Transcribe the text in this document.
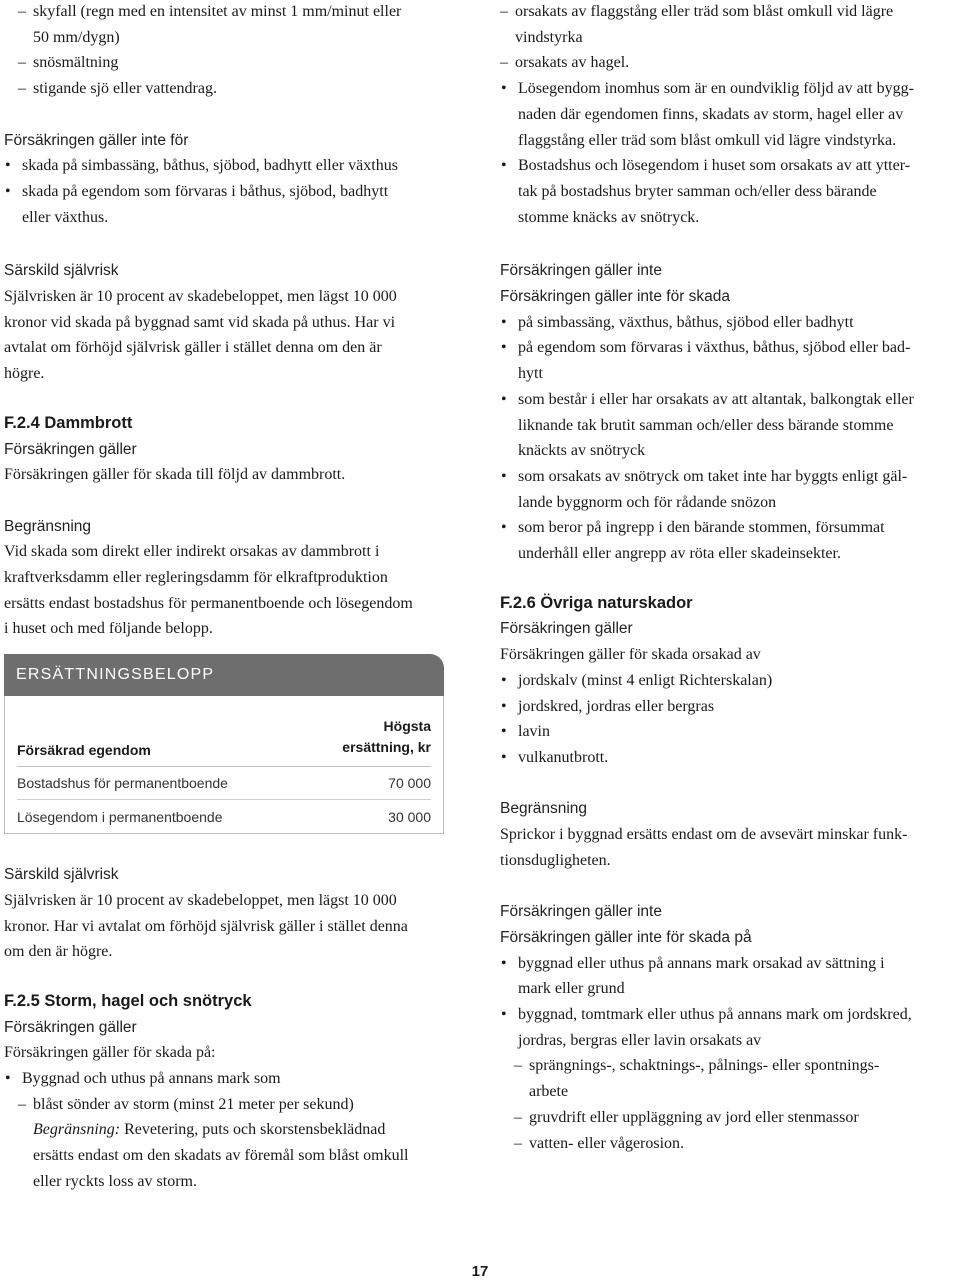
– skyfall (regn med en intensitet av minst 1 mm/minut eller
50 mm/dygn)
– snösmältning
– stigande sjö eller vattendrag.
Försäkringen gäller inte för
• skada på simbassäng, båthus, sjöbod, badhytt eller växthus
• skada på egendom som förvaras i båthus, sjöbod, badhytt
eller växthus.
Särskild självrisk
Självrisken är 10 procent av skadebeloppet, men lägst 10 000
kronor vid skada på byggnad samt vid skada på uthus. Har vi
avtalat om förhöjd självrisk gäller i stället denna om den är
högre.
F.2.4 Dammbrott
Försäkringen gäller
Försäkringen gäller för skada till följd av dammbrott.
Begränsning
Vid skada som direkt eller indirekt orsakas av dammbrott i
kraftverksdamm eller regleringsdamm för elkraftproduktion
ersätts endast bostadshus för permanentboende och lösegendom
i huset och med följande belopp.
ERSÄTTNINGSBELOPP
Försäkrad egendom
Högsta
ersättning, kr
Bostadshus för permanentboende	70 000
Lösegendom i permanentboende	30 000
Särskild självrisk
Självrisken är 10 procent av skadebeloppet, men lägst 10 000
kronor. Har vi avtalat om förhöjd självrisk gäller i stället denna
om den är högre.
F.2.5 Storm, hagel och snötryck
Försäkringen gäller
Försäkringen gäller för skada på:
• Byggnad och uthus på annans mark som
– blåst sönder av storm (minst 21 meter per sekund)
Begränsning: Revetering, puts och skorstensbeklädnad
ersätts endast om den skadats av föremål som blåst omkull
eller ryckts loss av storm.
– orsakats av flaggstång eller träd som blåst omkull vid lägre
vindstyrka
– orsakats av hagel.
• Lösegendom inomhus som är en oundviklig följd av att bygg-
naden där egendomen finns, skadats av storm, hagel eller av
flaggstång eller träd som blåst omkull vid lägre vindstyrka.
• Bostadshus och lösegendom i huset som orsakats av att ytter-
tak på bostadshus bryter samman och/eller dess bärande
stomme knäcks av snötryck.
Försäkringen gäller inte
Försäkringen gäller inte för skada
• på simbassäng, växthus, båthus, sjöbod eller badhytt
• på egendom som förvaras i växthus, båthus, sjöbod eller bad-
hytt
• som består i eller har orsakats av att altantak, balkongtak eller
liknande tak brutit samman och/eller dess bärande stomme
knäckts av snötryck
• som orsakats av snötryck om taket inte har byggts enligt gäl-
lande byggnorm och för rådande snözon
• som beror på ingrepp i den bärande stommen, försummat
underhåll eller angrepp av röta eller skadeinsekter.
F.2.6 Övriga naturskador
Försäkringen gäller
Försäkringen gäller för skada orsakad av
• jordskalv (minst 4 enligt Richterskalan)
• jordskred, jordras eller bergras
• lavin
• vulkanutbrott.
Begränsning
Sprickor i byggnad ersätts endast om de avsevärt minskar funk-
tionsdugligheten.
Försäkringen gäller inte
Försäkringen gäller inte för skada på
• byggnad eller uthus på annans mark orsakad av sättning i
mark eller grund
• byggnad, tomtmark eller uthus på annans mark om jordskred,
jordras, bergras eller lavin orsakats av
– sprängnings-, schaktnings-, pålnings- eller spontnings-
arbete
– gruvdrift eller uppläggning av jord eller stenmassor
– vatten- eller vågerosion.
17
